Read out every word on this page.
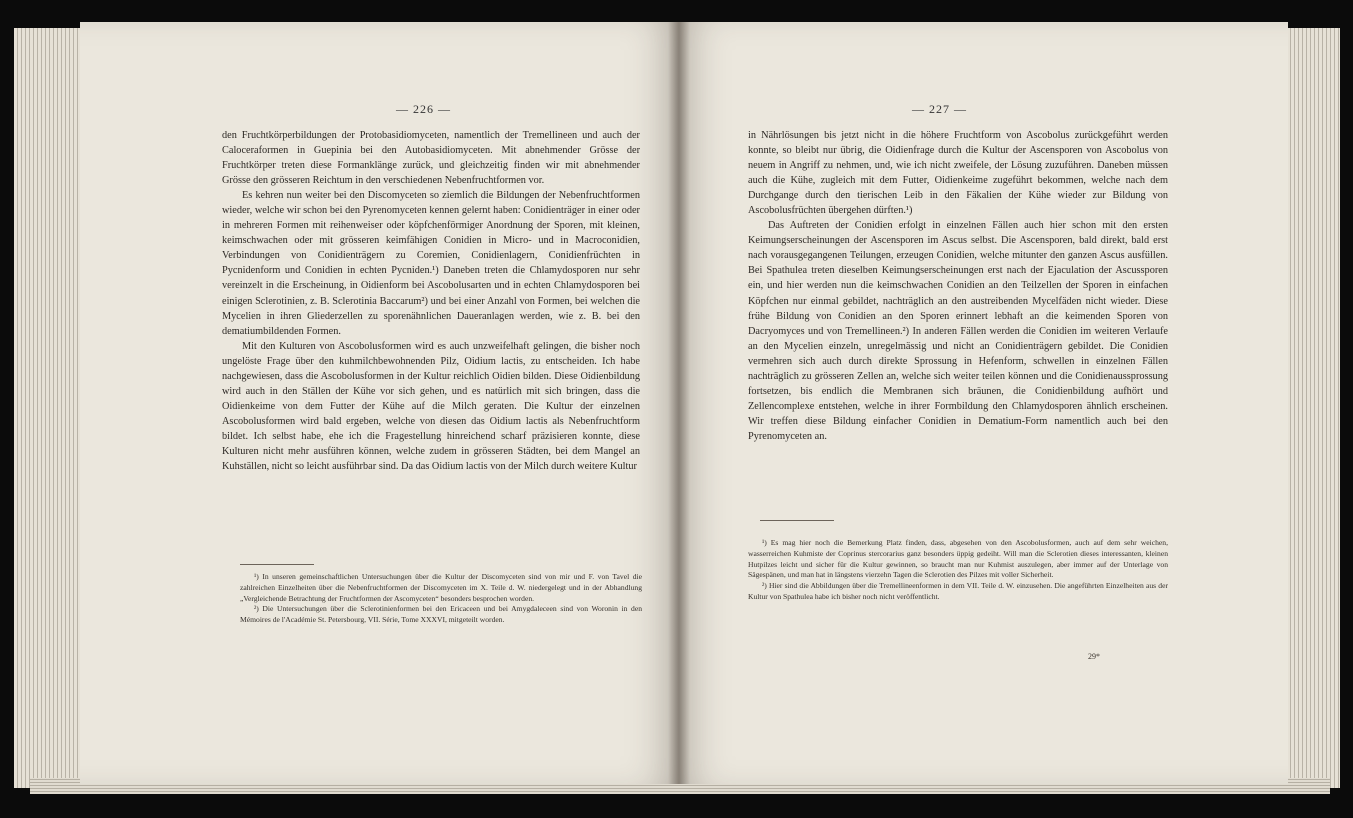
— 226 —	— 227 —

den Fruchtkörperbildungen der Protobasidiomyceten, namentlich der Tremellineen und auch der Caloceraformen in Guepinia bei den Autobasidiomyceten. Mit abnehmender Grösse der Fruchtkörper treten diese Formanklänge zurück, und gleichzeitig finden wir mit abnehmender Grösse den grösseren Reichtum in den verschiedenen Nebenfruchtformen vor.

Es kehren nun weiter bei den Discomyceten so ziemlich die Bildungen der Nebenfruchtformen wieder, welche wir schon bei den Pyrenomyceten kennen gelernt haben: Conidienträger in einer oder in mehreren Formen mit reihenweiser oder köpfchenförmiger Anordnung der Sporen, mit kleinen, keimschwachen oder mit grösseren keimfähigen Conidien in Micro- und in Macroconidien, Verbindungen von Conidienträgern zu Coremien, Conidienlagern, Conidienfrüchten in Pycnidenform und Conidien in echten Pycniden.¹) Daneben treten die Chlamydosporen nur sehr vereinzelt in die Erscheinung, in Oidienform bei Ascobolusarten und in echten Chlamydosporen bei einigen Sclerotinien, z. B. Sclerotinia Baccarum²) und bei einer Anzahl von Formen, bei welchen die Mycelien in ihren Gliederzellen zu sporenähnlichen Daueranlagen werden, wie z. B. bei den dematiumbildenden Formen.

Mit den Kulturen von Ascobolusformen wird es auch unzweifelhaft gelingen, die bisher noch ungelöste Frage über den kuhmilchbewohnenden Pilz, Oidium lactis, zu entscheiden. Ich habe nachgewiesen, dass die Ascobolusformen in der Kultur reichlich Oidien bilden. Diese Oidienbildung wird auch in den Ställen der Kühe vor sich gehen, und es natürlich mit sich bringen, dass die Oidienkeime von dem Futter der Kühe auf die Milch geraten. Die Kultur der einzelnen Ascobolusformen wird bald ergeben, welche von diesen das Oidium lactis als Nebenfruchtform bildet. Ich selbst habe, ehe ich die Fragestellung hinreichend scharf präzisieren konnte, diese Kulturen nicht mehr ausführen können, welche zudem in grösseren Städten, bei dem Mangel an Kuhställen, nicht so leicht ausführbar sind. Da das Oidium lactis von der Milch durch weitere Kultur

¹) In unseren gemeinschaftlichen Untersuchungen über die Kultur der Discomyceten sind von mir und F. von Tavel die zahlreichen Einzelheiten über die Nebenfruchtformen der Discomyceten im X. Teile d. W. niedergelegt und in der Abhandlung „Vergleichende Betrachtung der Fruchtformen der Ascomyceten“ besonders besprochen worden.

²) Die Untersuchungen über die Sclerotinienformen bei den Ericaceen und bei Amygdaleceen sind von Woronin in den Mémoires de l'Académie St. Petersbourg, VII. Série, Tome XXXVI, mitgeteilt worden.

in Nährlösungen bis jetzt nicht in die höhere Fruchtform von Ascobolus zurückgeführt werden konnte, so bleibt nur übrig, die Oidienfrage durch die Kultur der Ascensporen von Ascobolus von neuem in Angriff zu nehmen, und, wie ich nicht zweifele, der Lösung zuzuführen. Daneben müssen auch die Kühe, zugleich mit dem Futter, Oidienkeime zugeführt bekommen, welche nach dem Durchgange durch den tierischen Leib in den Fäkalien der Kühe wieder zur Bildung von Ascobolusfrüchten übergehen dürften.¹)

Das Auftreten der Conidien erfolgt in einzelnen Fällen auch hier schon mit den ersten Keimungserscheinungen der Ascensporen im Ascus selbst. Die Ascensporen, bald direkt, bald erst nach vorausgegangenen Teilungen, erzeugen Conidien, welche mitunter den ganzen Ascus ausfüllen. Bei Spathulea treten dieselben Keimungserscheinungen erst nach der Ejaculation der Ascussporen ein, und hier werden nun die keimschwachen Conidien an den Teilzellen der Sporen in einfachen Köpfchen nur einmal gebildet, nachträglich an den austreibenden Mycelfäden nicht wieder. Diese frühe Bildung von Conidien an den Sporen erinnert lebhaft an die keimenden Sporen von Dacryomyces und von Tremellineen.²) In anderen Fällen werden die Conidien im weiteren Verlaufe an den Mycelien einzeln, unregelmässig und nicht an Conidienträgern gebildet. Die Conidien vermehren sich auch durch direkte Sprossung in Hefenform, schwellen in einzelnen Fällen nachträglich zu grösseren Zellen an, welche sich weiter teilen können und die Conidienaussprossung fortsetzen, bis endlich die Membranen sich bräunen, die Conidienbildung aufhört und Zellencomplexe entstehen, welche in ihrer Formbildung den Chlamydosporen ähnlich erscheinen. Wir treffen diese Bildung einfacher Conidien in Dematium-Form namentlich auch bei den Pyrenomyceten an.

¹) Es mag hier noch die Bemerkung Platz finden, dass, abgesehen von den Ascobolusformen, auch auf dem sehr weichen, wasserreichen Kuhmiste der Coprinus stercorarius ganz besonders üppig gedeiht. Will man die Sclerotien dieses interessanten, kleinen Hutpilzes leicht und sicher für die Kultur gewinnen, so braucht man nur Kuhmist auszulegen, aber immer auf der Unterlage von Sägespänen, und man hat in längstens vierzehn Tagen die Sclerotien des Pilzes mit voller Sicherheit.

²) Hier sind die Abbildungen über die Tremellineenformen in dem VII. Teile d. W. einzusehen. Die angeführten Einzelheiten aus der Kultur von Spathulea habe ich bisher noch nicht veröffentlicht.

29*
